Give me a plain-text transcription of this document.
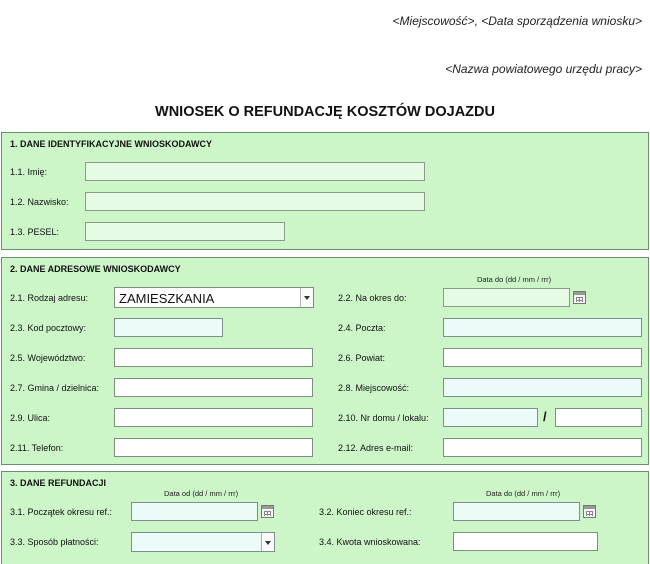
<Miejscowość>, <Data sporządzenia wniosku>
<Nazwa powiatowego urzędu pracy>
WNIOSEK O REFUNDACJĘ KOSZTÓW DOJAZDU
1. DANE IDENTYFIKACYJNE WNIOSKODAWCY
1.1. Imię:
1.2. Nazwisko:
1.3. PESEL:
2. DANE ADRESOWE WNIOSKODAWCY
Data do (dd / mm / rrr)
2.1. Rodzaj adresu: ZAMIESZKANIA	2.2. Na okres do:
2.3. Kod pocztowy:	2.4. Poczta:
2.5. Województwo:	2.6. Powiat:
2.7. Gmina / dzielnica:	2.8. Miejscowość:
2.9. Ulica:	2.10. Nr domu / lokalu:	/
2.11. Telefon:	2.12. Adres e-mail:
3. DANE REFUNDACJI
Data od (dd / mm / rrr)	Data do (dd / mm / rrr)
3.1. Początek okresu ref.:	3.2. Koniec okresu ref.:
3.3. Sposób płatności:	3.4. Kwota wnioskowana:
